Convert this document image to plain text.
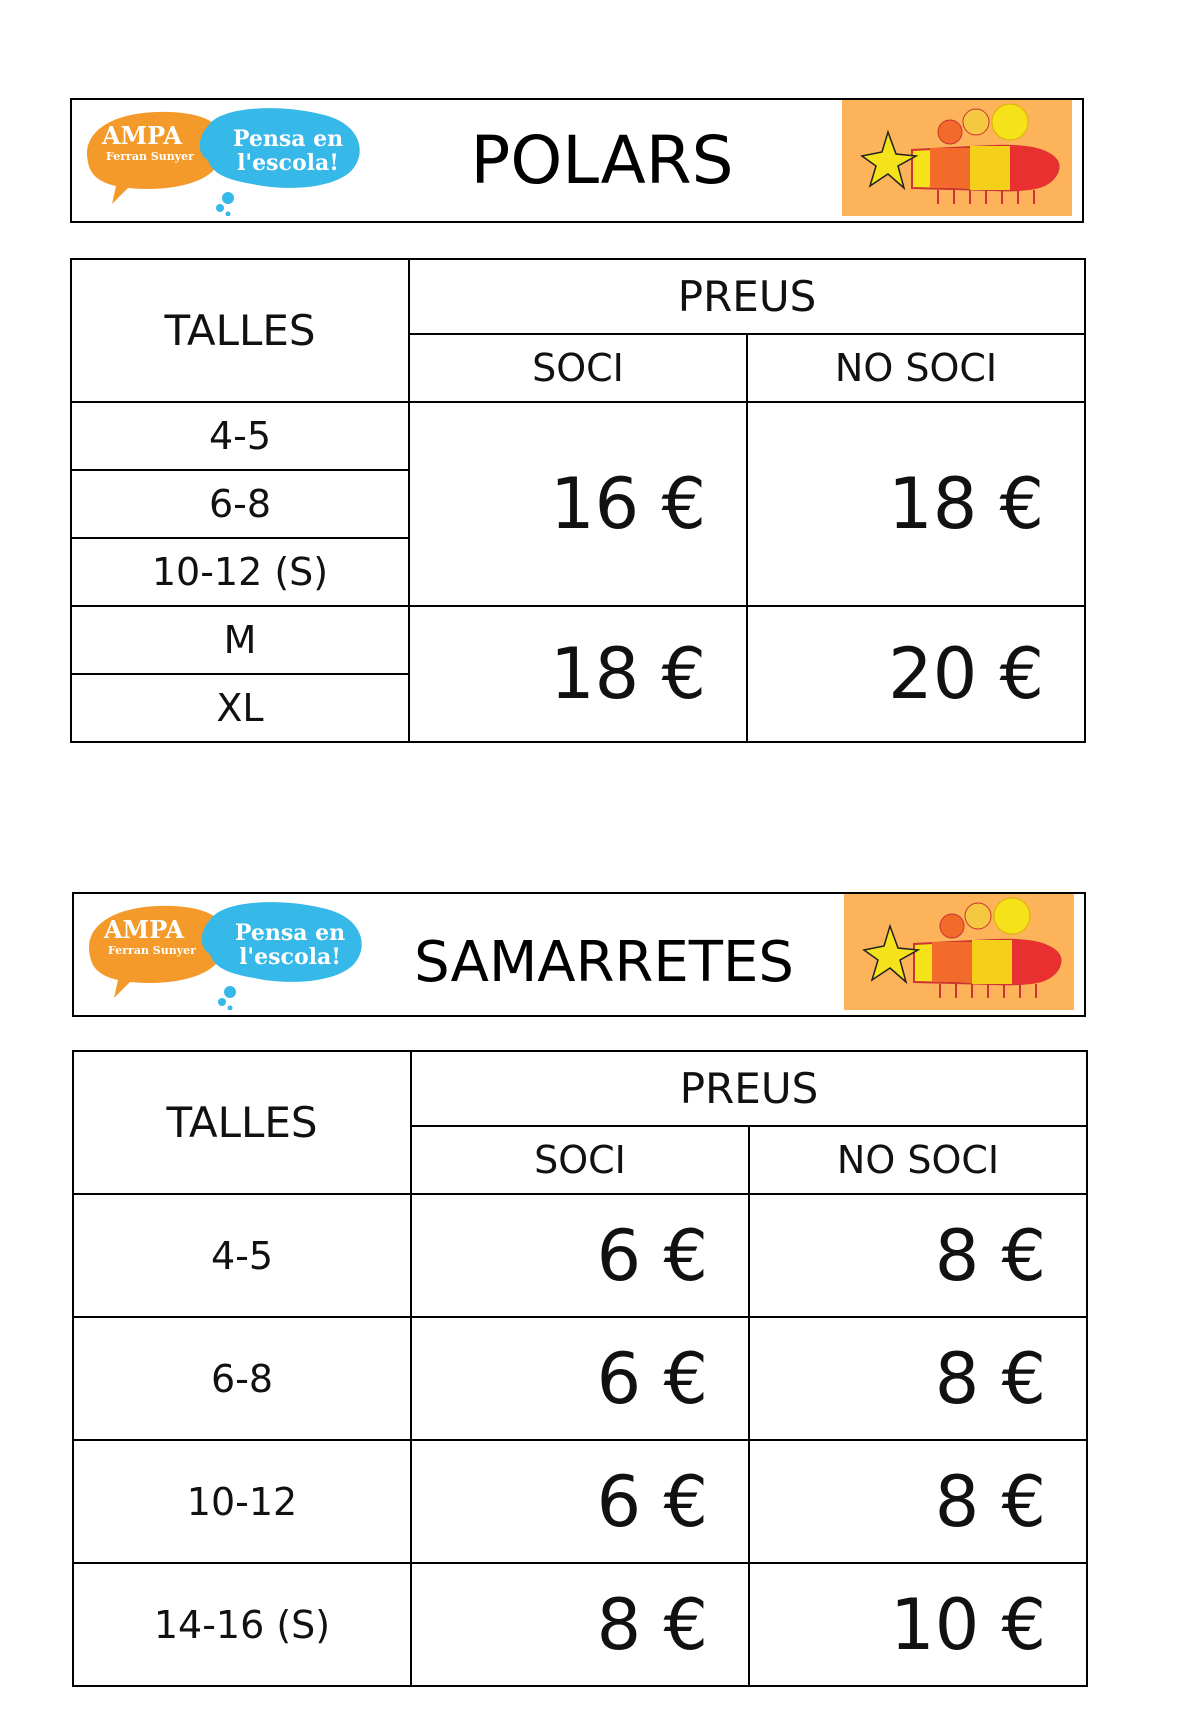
AMPA
Ferran Sunyer
Pensa en
l'escola!	POLARS
TALLES	PREUS	
	SOCI	NO SOCI
4-5	16 €	18 €
6-8		
10-12 (S)		
M	18 €	20 €
XL		
AMPA
Ferran Sunyer
Pensa en
l'escola!	SAMARRETES
TALLES	PREUS	
	SOCI	NO SOCI
4-5	6 €	8 €
6-8	6 €	8 €
10-12	6 €	8 €
14-16 (S)	8 €	10 €
